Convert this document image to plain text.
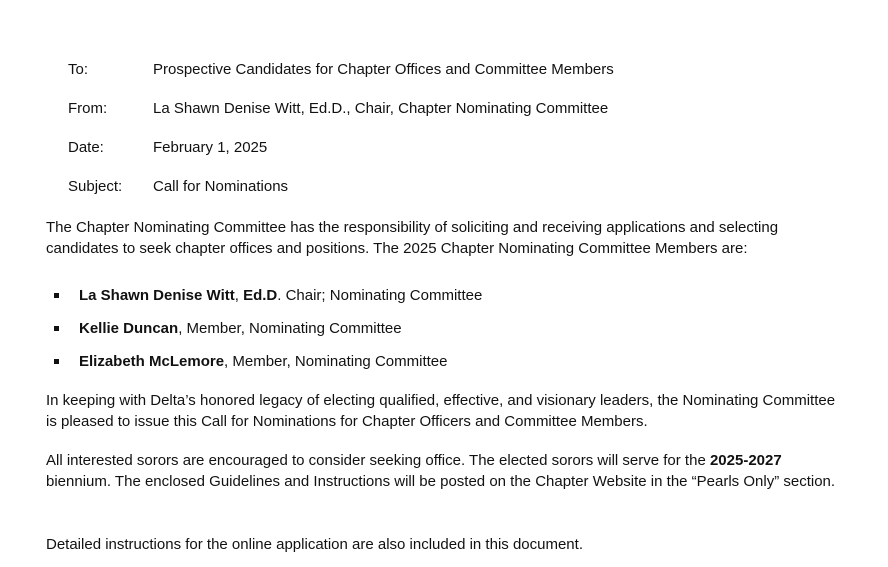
To:	Prospective Candidates for Chapter Offices and Committee Members
From:	La Shawn Denise Witt, Ed.D., Chair, Chapter Nominating Committee
Date:	February 1, 2025
Subject:	Call for Nominations

The Chapter Nominating Committee has the responsibility of soliciting and receiving applications and selecting candidates to seek chapter offices and positions. The 2025 Chapter Nominating Committee Members are:

La Shawn Denise Witt, Ed.D. Chair; Nominating Committee
Kellie Duncan, Member, Nominating Committee
Elizabeth McLemore, Member, Nominating Committee

In keeping with Delta’s honored legacy of electing qualified, effective, and visionary leaders, the Nominating Committee is pleased to issue this Call for Nominations for Chapter Officers and Committee Members.

All interested sorors are encouraged to consider seeking office. The elected sorors will serve for the 2025-2027 biennium. The enclosed Guidelines and Instructions will be posted on the Chapter Website in the “Pearls Only” section.

Detailed instructions for the online application are also included in this document.
